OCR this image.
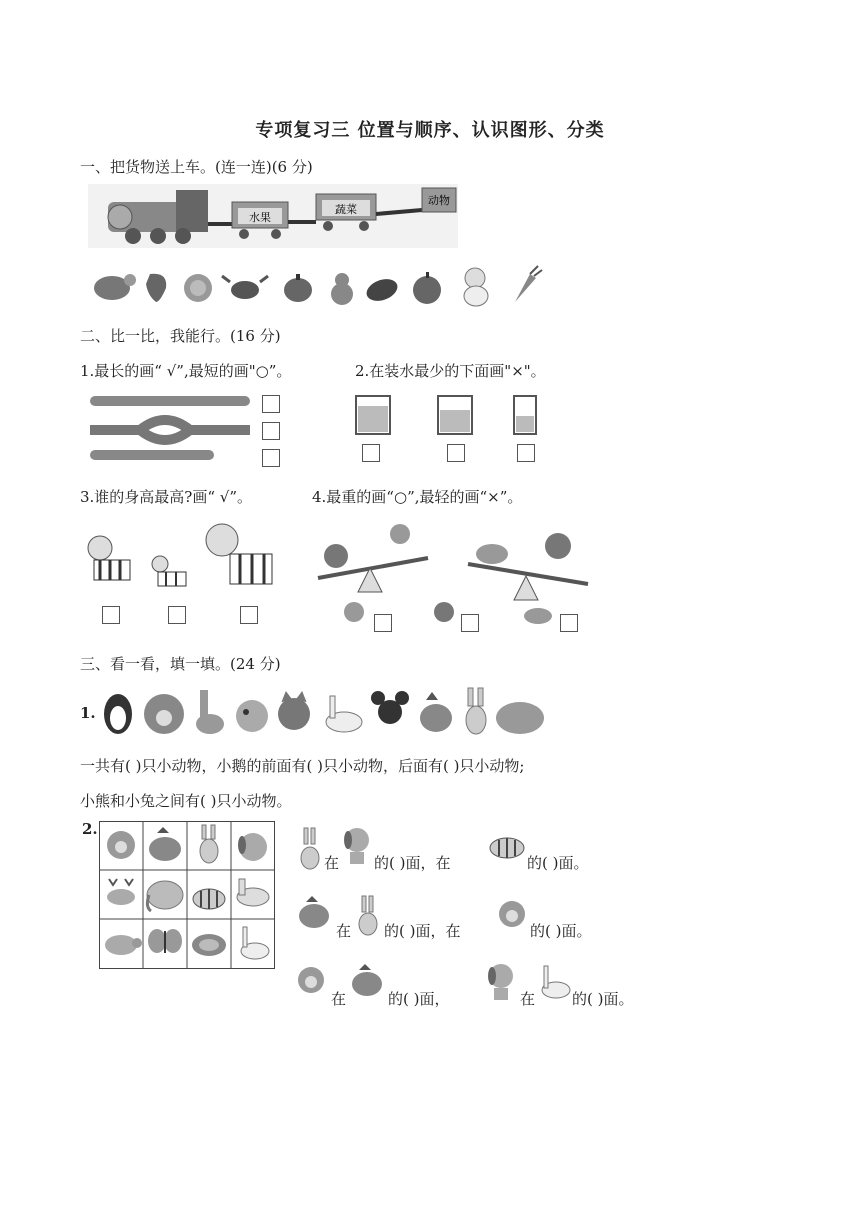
专项复习三 位置与顺序、认识图形、分类
一、把货物送上车。(连一连)(6 分)
水果
蔬菜
动物
二、比一比，我能行。(16 分)
1.最长的画“ √”,最短的画"○”。	2.在装水最少的下面画"×"。
3.谁的身高最高?画“ √”。	4.最重的画“○”,最轻的画“×”。
三、看一看，填一填。(24 分)
1.
一共有( )只小动物，小鹅的前面有( )只小动物，后面有( )只小动物;
小熊和小兔之间有( )只小动物。
2.
在 的( )面，在	的( )面。
在 的( )面，在	的( )面。
在	的( )面，	在 的( )面。
